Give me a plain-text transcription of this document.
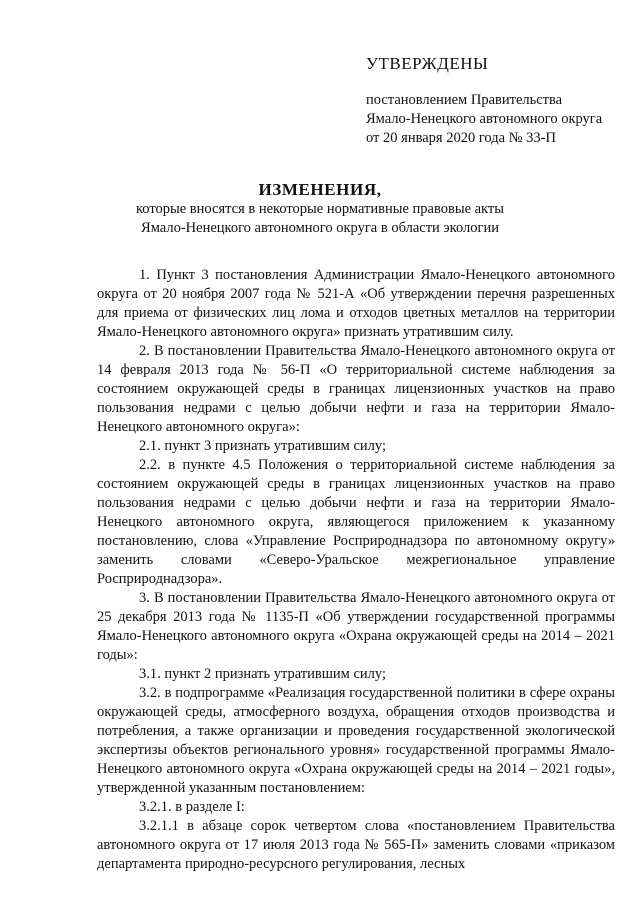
УТВЕРЖДЕНЫ
постановлением Правительства
Ямало-Ненецкого автономного округа
от 20 января 2020 года № 33-П
ИЗМЕНЕНИЯ,
которые вносятся в некоторые нормативные правовые акты
Ямало-Ненецкого автономного округа в области экологии

1. Пункт 3 постановления Администрации Ямало-Ненецкого автономного округа от 20 ноября 2007 года № 521-А «Об утверждении перечня разрешенных для приема от физических лиц лома и отходов цветных металлов на территории Ямало-Ненецкого автономного округа» признать утратившим силу.

2. В постановлении Правительства Ямало-Ненецкого автономного округа от 14 февраля 2013 года № 56-П «О территориальной системе наблюдения за состоянием окружающей среды в границах лицензионных участков на право пользования недрами с целью добычи нефти и газа на территории Ямало-Ненецкого автономного округа»:

2.1. пункт 3 признать утратившим силу;

2.2. в пункте 4.5 Положения о территориальной системе наблюдения за состоянием окружающей среды в границах лицензионных участков на право пользования недрами с целью добычи нефти и газа на территории Ямало-Ненецкого автономного округа, являющегося приложением к указанному постановлению, слова «Управление Росприроднадзора по автономному округу» заменить словами «Северо-Уральское межрегиональное управление Росприроднадзора».

3. В постановлении Правительства Ямало-Ненецкого автономного округа от 25 декабря 2013 года № 1135-П «Об утверждении государственной программы Ямало-Ненецкого автономного округа «Охрана окружающей среды на 2014 – 2021 годы»:

3.1. пункт 2 признать утратившим силу;

3.2. в подпрограмме «Реализация государственной политики в сфере охраны окружающей среды, атмосферного воздуха, обращения отходов производства и потребления, а также организации и проведения государственной экологической экспертизы объектов регионального уровня» государственной программы Ямало-Ненецкого автономного округа «Охрана окружающей среды на 2014 – 2021 годы», утвержденной указанным постановлением:

3.2.1. в разделе I:

3.2.1.1 в абзаце сорок четвертом слова «постановлением Правительства автономного округа от 17 июля 2013 года № 565-П» заменить словами «приказом департамента природно-ресурсного регулирования, лесных
